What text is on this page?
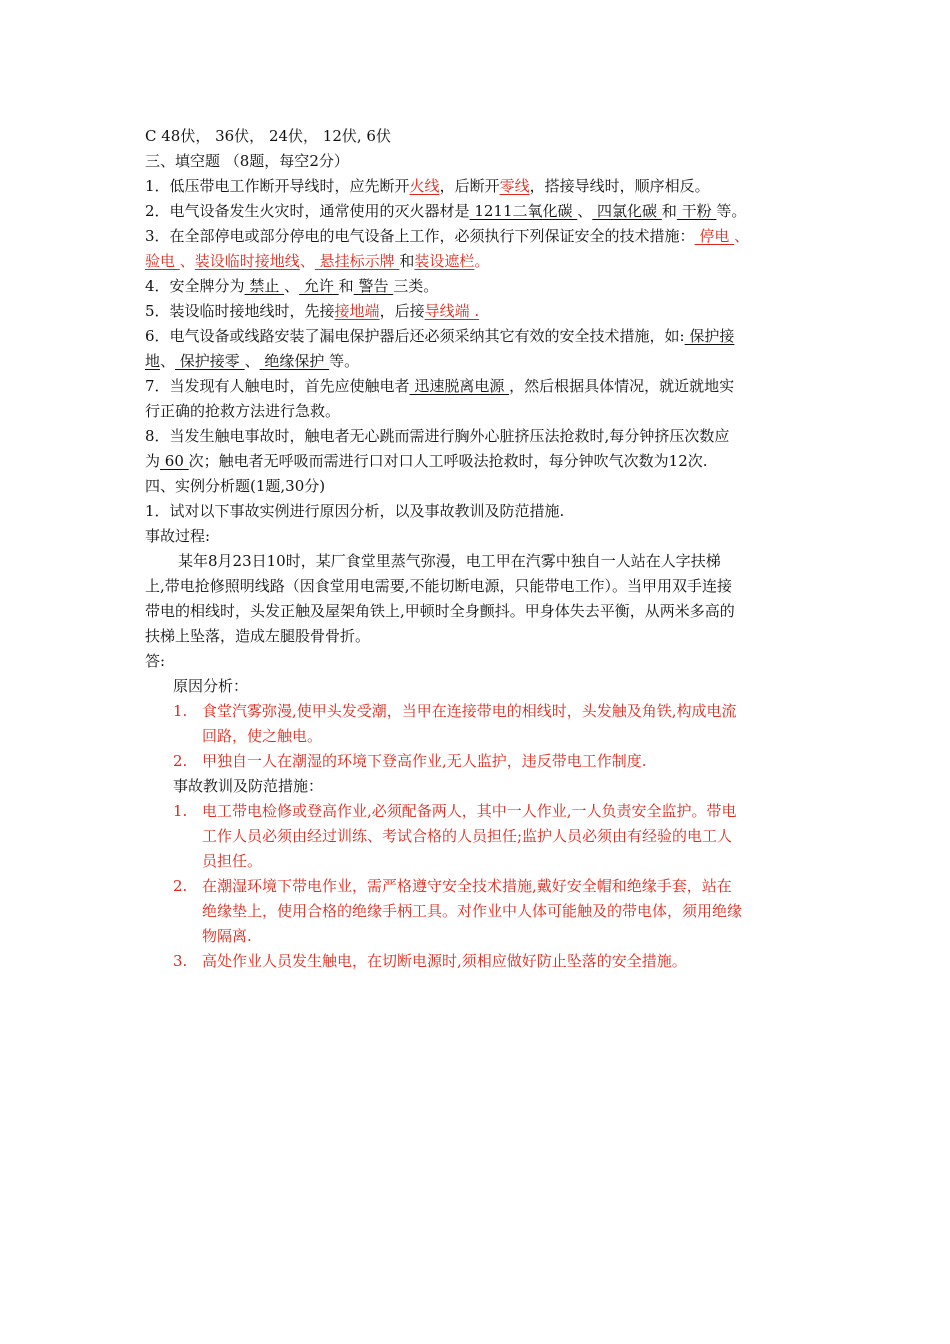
C 48伏， 36伏， 24伏， 12伏, 6伏
三、填空题 （8题，每空2分）
1．低压带电工作断开导线时，应先断开火线，后断开零线，搭接导线时，顺序相反。
2．电气设备发生火灾时，通常使用的灭火器材是 1211二氧化碳 、 四氯化碳 和 干粉 等。
3．在全部停电或部分停电的电气设备上工作，必须执行下列保证安全的技术措施： 停电 、
验电 、装设临时接地线、 悬挂标示牌 和装设遮栏。
4．安全牌分为 禁止 、 允许 和 警告 三类。
5．装设临时接地线时，先接接地端，后接导线端 .
6．电气设备或线路安装了漏电保护器后还必须采纳其它有效的安全技术措施，如: 保护接
地、 保护接零 、 绝缘保护 等。
7．当发现有人触电时，首先应使触电者 迅速脱离电源 ，然后根据具体情况，就近就地实
行正确的抢救方法进行急救。
8．当发生触电事故时，触电者无心跳而需进行胸外心脏挤压法抢救时,每分钟挤压次数应
为 60 次；触电者无呼吸而需进行口对口人工呼吸法抢救时，每分钟吹气次数为12次.
四、实例分析题(1题,30分)
1．试对以下事故实例进行原因分析，以及事故教训及防范措施.
事故过程:
某年8月23日10时，某厂食堂里蒸气弥漫，电工甲在汽雾中独自一人站在人字扶梯
上,带电抢修照明线路（因食堂用电需要,不能切断电源，只能带电工作）。当甲用双手连接
带电的相线时，头发正触及屋架角铁上,甲顿时全身颤抖。甲身体失去平衡，从两米多高的
扶梯上坠落，造成左腿股骨骨折。
答:
原因分析：
1. 食堂汽雾弥漫,使甲头发受潮，当甲在连接带电的相线时，头发触及角铁,构成电流
回路，使之触电。
2. 甲独自一人在潮湿的环境下登高作业,无人监护，违反带电工作制度.
事故教训及防范措施：
1. 电工带电检修或登高作业,必须配备两人，其中一人作业,一人负责安全监护。带电
工作人员必须由经过训练、考试合格的人员担任;监护人员必须由有经验的电工人
员担任。
2. 在潮湿环境下带电作业，需严格遵守安全技术措施,戴好安全帽和绝缘手套，站在
绝缘垫上，使用合格的绝缘手柄工具。对作业中人体可能触及的带电体，须用绝缘
物隔离.
3. 高处作业人员发生触电，在切断电源时,须相应做好防止坠落的安全措施。
